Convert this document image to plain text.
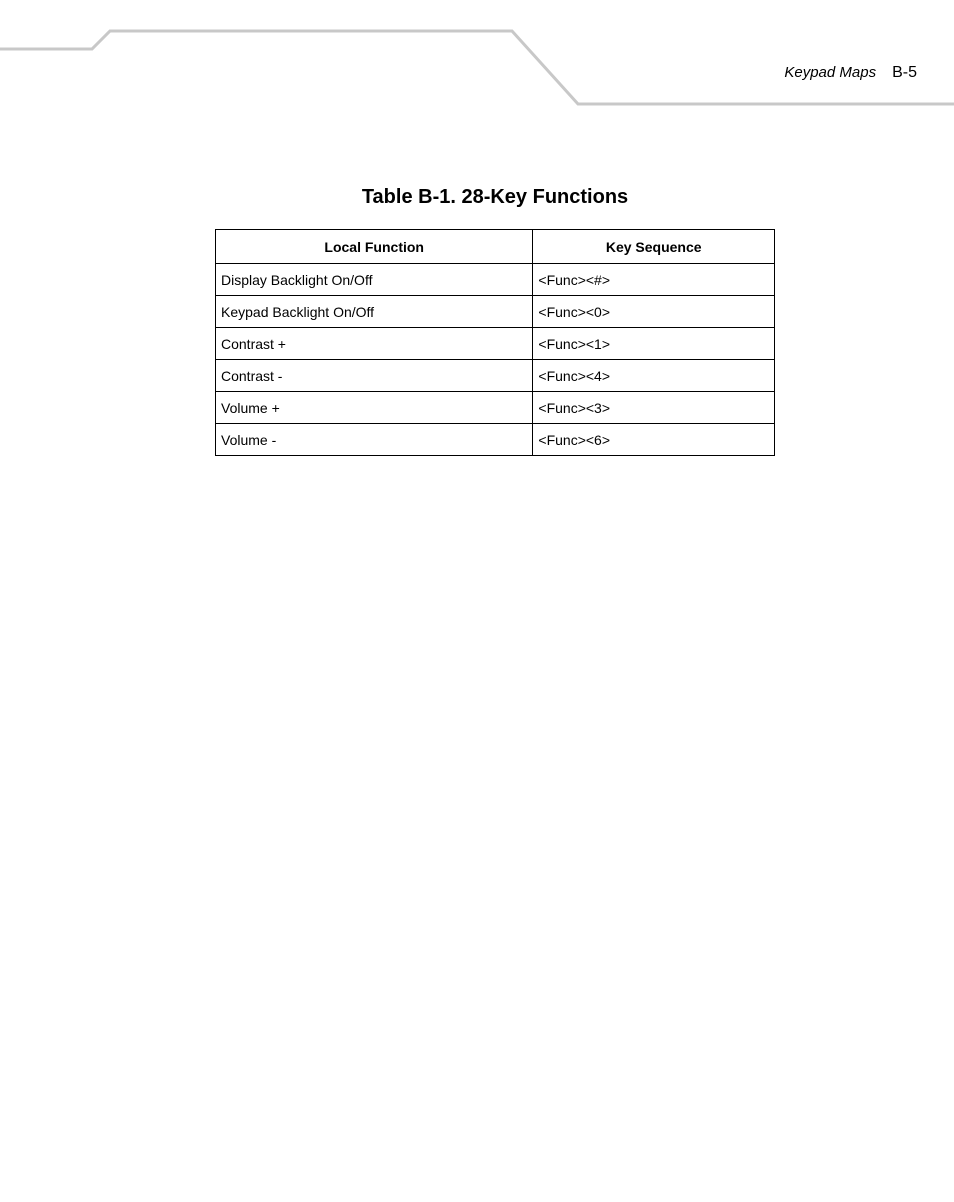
Keypad Maps B-5
Table B-1. 28-Key Functions
Local Function	Key Sequence
Display Backlight On/Off	<Func><#>
Keypad Backlight On/Off	<Func><0>
Contrast +	<Func><1>
Contrast -	<Func><4>
Volume +	<Func><3>
Volume -	<Func><6>
